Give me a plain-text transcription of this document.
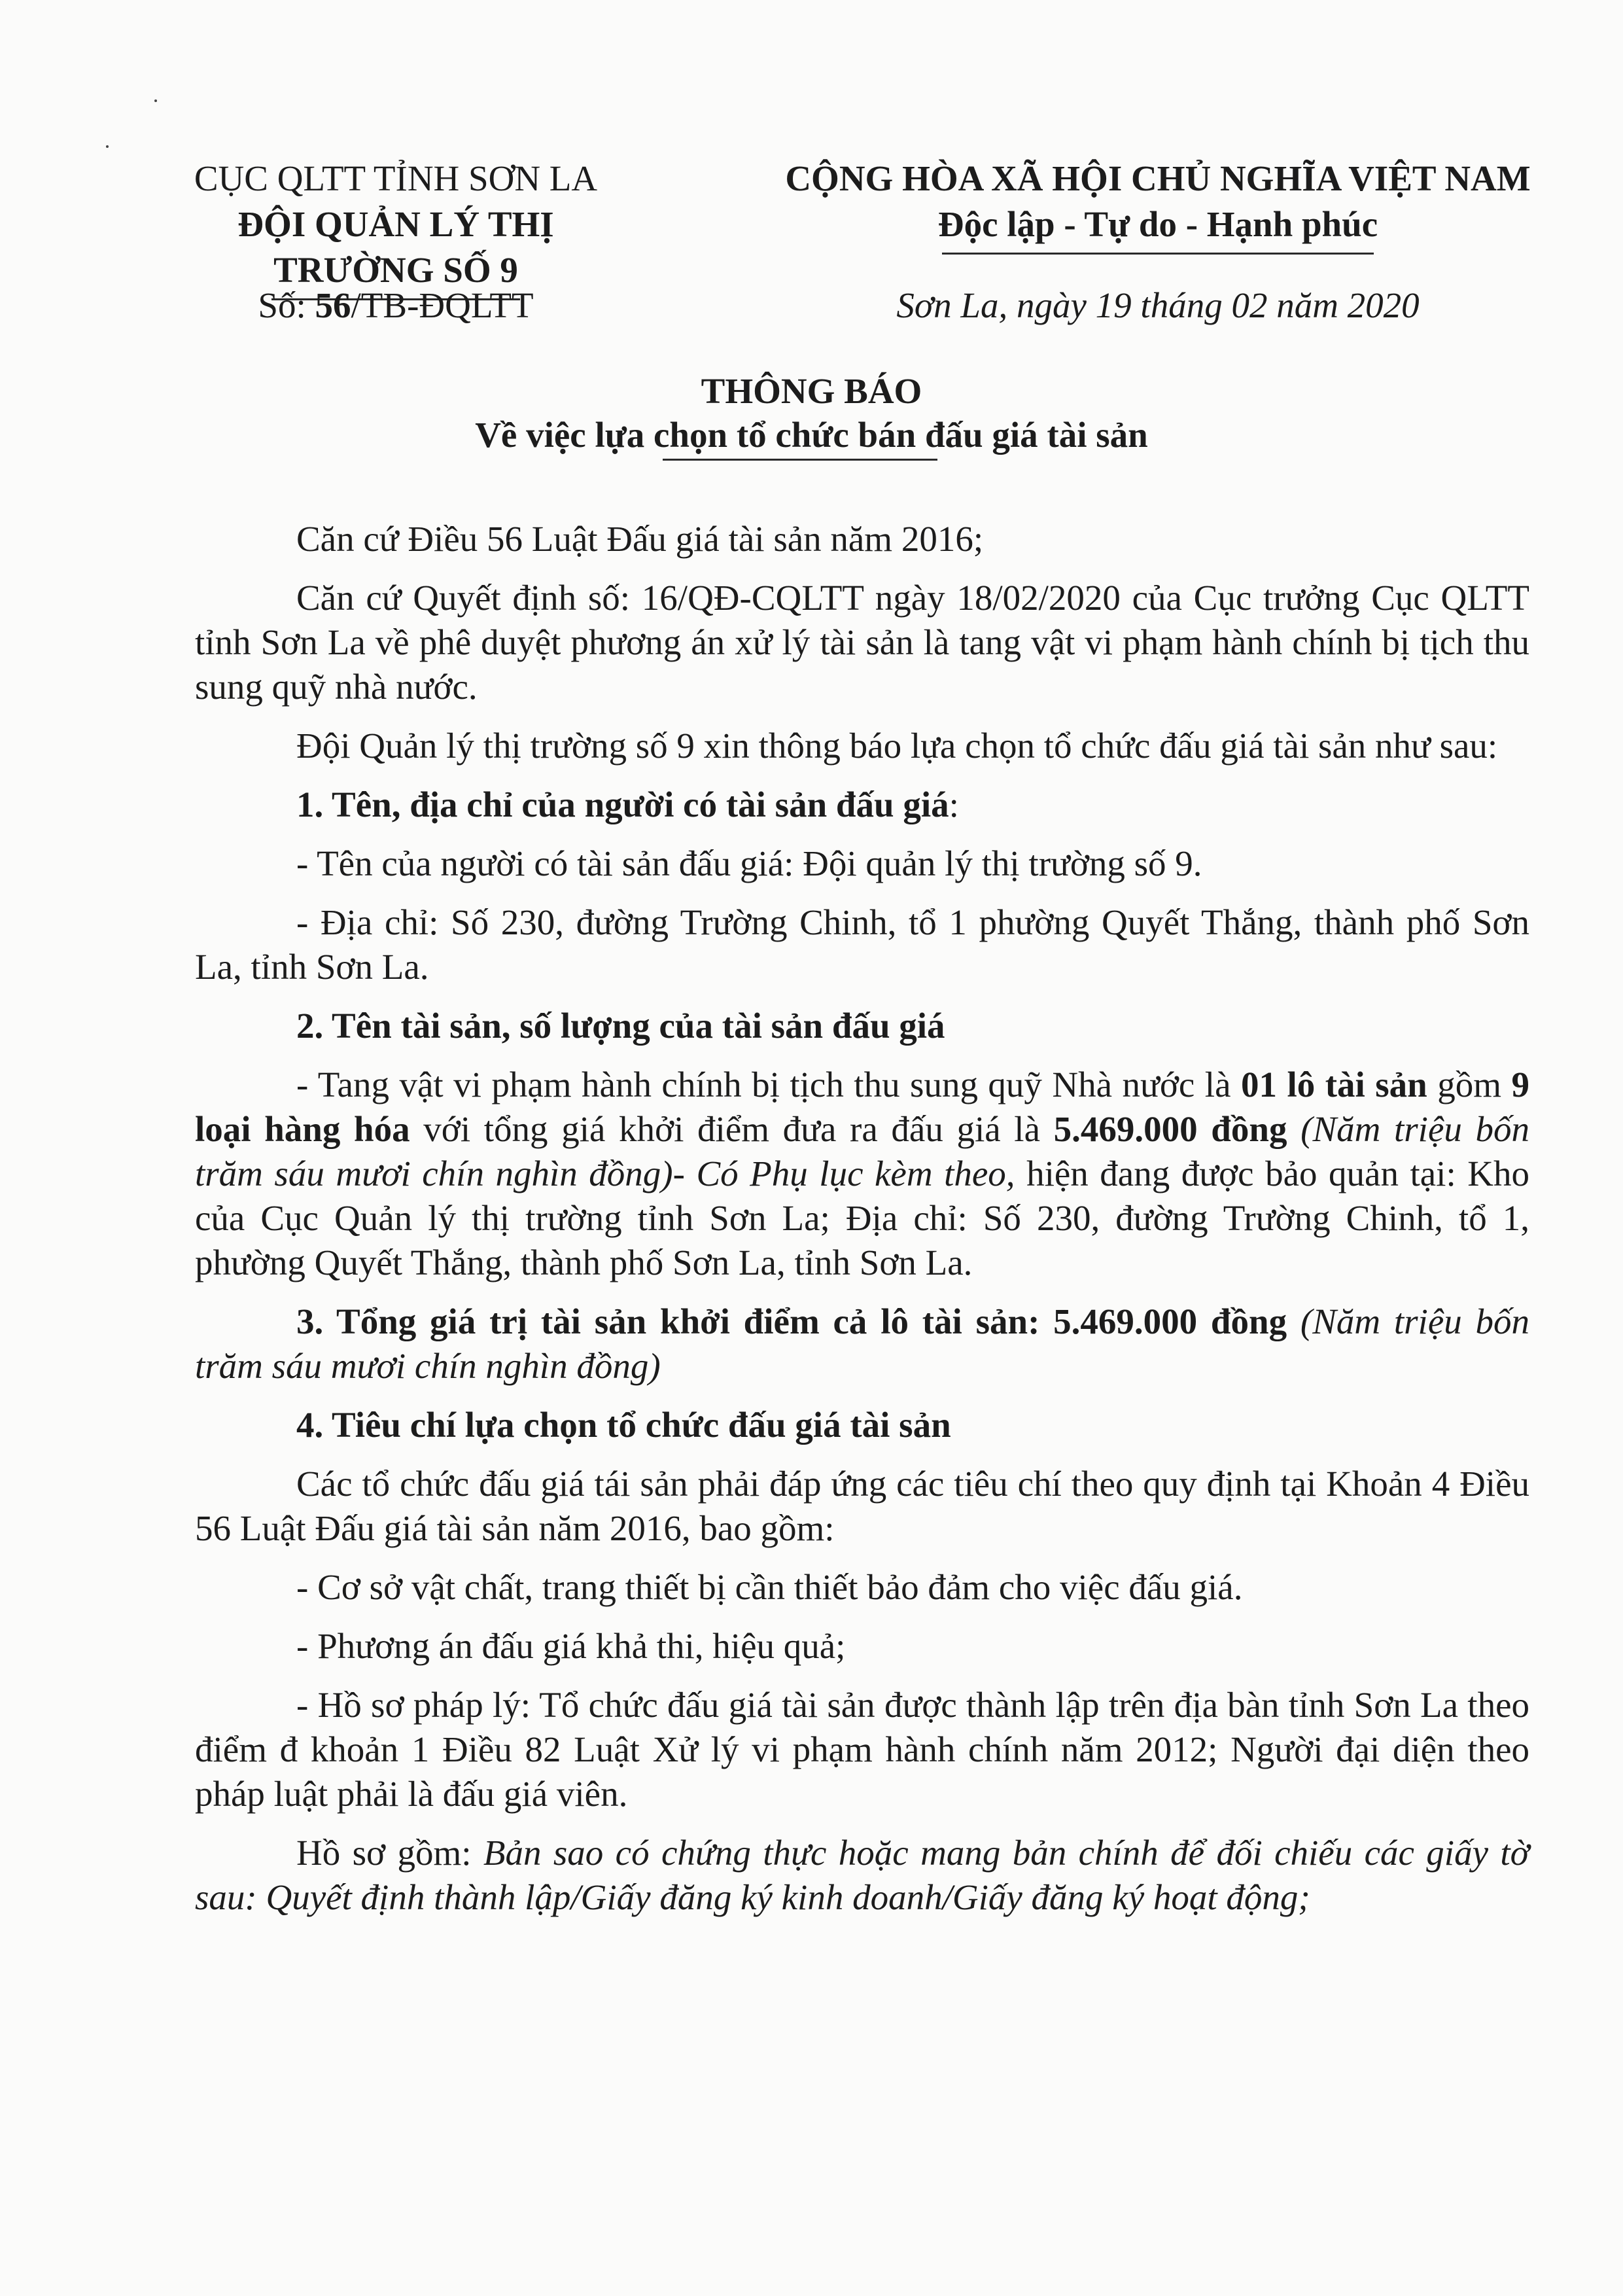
CỤC QLTT TỈNH SƠN LA
ĐỘI QUẢN LÝ THỊ TRƯỜNG SỐ 9
CỘNG HÒA XÃ HỘI CHỦ NGHĨA VIỆT NAM
Độc lập - Tự do - Hạnh phúc
Số: 56/TB-ĐQLTT	Sơn La, ngày 19 tháng 02 năm 2020
THÔNG BÁO
Về việc lựa chọn tổ chức bán đấu giá tài sản

Căn cứ Điều 56 Luật Đấu giá tài sản năm 2016;

Căn cứ Quyết định số: 16/QĐ-CQLTT ngày 18/02/2020 của Cục trưởng Cục QLTT tỉnh Sơn La về phê duyệt phương án xử lý tài sản là tang vật vi phạm hành chính bị tịch thu sung quỹ nhà nước.

Đội Quản lý thị trường số 9 xin thông báo lựa chọn tổ chức đấu giá tài sản như sau:

1. Tên, địa chỉ của người có tài sản đấu giá:

- Tên của người có tài sản đấu giá: Đội quản lý thị trường số 9.

- Địa chỉ: Số 230, đường Trường Chinh, tổ 1 phường Quyết Thắng, thành phố Sơn La, tỉnh Sơn La.

2. Tên tài sản, số lượng của tài sản đấu giá

- Tang vật vi phạm hành chính bị tịch thu sung quỹ Nhà nước là 01 lô tài sản gồm 9 loại hàng hóa với tổng giá khởi điểm đưa ra đấu giá là 5.469.000 đồng (Năm triệu bốn trăm sáu mươi chín nghìn đồng)- Có Phụ lục kèm theo, hiện đang được bảo quản tại: Kho của Cục Quản lý thị trường tỉnh Sơn La; Địa chỉ: Số 230, đường Trường Chinh, tổ 1, phường Quyết Thắng, thành phố Sơn La, tỉnh Sơn La.

3. Tổng giá trị tài sản khởi điểm cả lô tài sản: 5.469.000 đồng (Năm triệu bốn trăm sáu mươi chín nghìn đồng)

4. Tiêu chí lựa chọn tổ chức đấu giá tài sản

Các tổ chức đấu giá tái sản phải đáp ứng các tiêu chí theo quy định tại Khoản 4 Điều 56 Luật Đấu giá tài sản năm 2016, bao gồm:

- Cơ sở vật chất, trang thiết bị cần thiết bảo đảm cho việc đấu giá.

- Phương án đấu giá khả thi, hiệu quả;

- Hồ sơ pháp lý: Tổ chức đấu giá tài sản được thành lập trên địa bàn tỉnh Sơn La theo điểm đ khoản 1 Điều 82 Luật Xử lý vi phạm hành chính năm 2012; Người đại diện theo pháp luật phải là đấu giá viên.

Hồ sơ gồm: Bản sao có chứng thực hoặc mang bản chính để đối chiếu các giấy tờ sau: Quyết định thành lập/Giấy đăng ký kinh doanh/Giấy đăng ký hoạt động;
